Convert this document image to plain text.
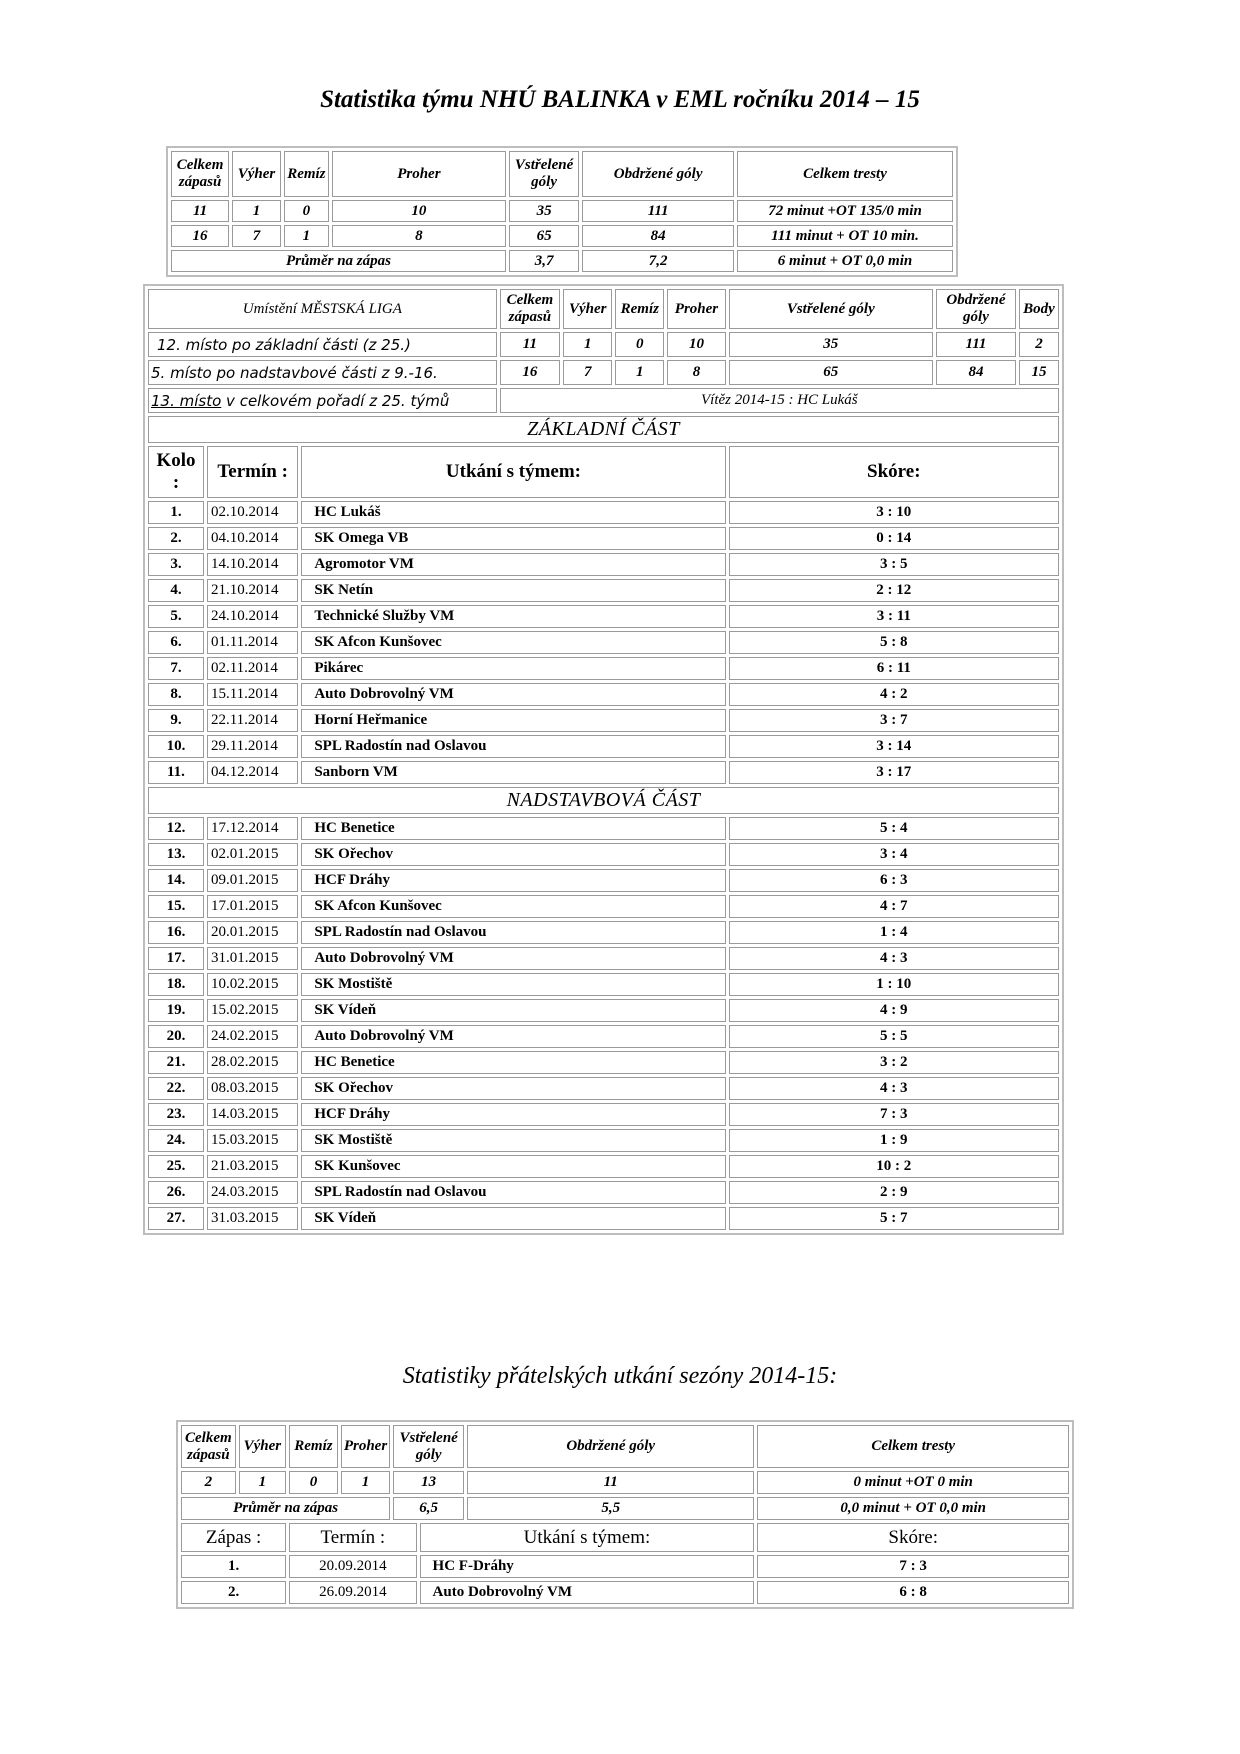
Statistika týmu NHÚ BALINKA v EML ročníku 2014 – 15
Celkem zápasů	Výher	Remíz	Proher	Vstřelené góly	Obdržené góly	Celkem tresty
11	1	0	10	35	111	72 minut +OT 135/0 min
16	7	1	8	65	84	111 minut + OT 10 min.
Průměr na zápas				3,7	7,2	6 minut + OT 0,0 min
Umístění MĚSTSKÁ LIGA			Celkem zápasů	Výher	Remíz	Proher	Vstřelené góly	Obdržené góly	Body
12. místo po základní části (z 25.)			11	1	0	10	35	111	2
5. místo po nadstavbové části z 9.-16.			16	7	1	8	65	84	15
13. místo v celkovém pořadí z 25. týmů			Vítěz 2014-15 : HC Lukáš						
ZÁKLADNÍ ČÁST									
Kolo :	Termín :	Utkání s týmem:					Skóre:		
1.	02.10.2014	HC Lukáš					3 : 10		
2.	04.10.2014	SK Omega VB					0 : 14		
3.	14.10.2014	Agromotor VM					3 : 5		
4.	21.10.2014	SK Netín					2 : 12		
5.	24.10.2014	Technické Služby VM					3 : 11		
6.	01.11.2014	SK Afcon Kunšovec					5 : 8		
7.	02.11.2014	Pikárec					6 : 11		
8.	15.11.2014	Auto Dobrovolný VM					4 : 2		
9.	22.11.2014	Horní Heřmanice					3 : 7		
10.	29.11.2014	SPL Radostín nad Oslavou					3 : 14		
11.	04.12.2014	Sanborn VM					3 : 17		
NADSTAVBOVÁ ČÁST									
12.	17.12.2014	HC Benetice					5 : 4		
13.	02.01.2015	SK Ořechov					3 : 4		
14.	09.01.2015	HCF Dráhy					6 : 3		
15.	17.01.2015	SK Afcon Kunšovec					4 : 7		
16.	20.01.2015	SPL Radostín nad Oslavou					1 : 4		
17.	31.01.2015	Auto Dobrovolný VM					4 : 3		
18.	10.02.2015	SK Mostiště					1 : 10		
19.	15.02.2015	SK Vídeň					4 : 9		
20.	24.02.2015	Auto Dobrovolný VM					5 : 5		
21.	28.02.2015	HC Benetice					3 : 2		
22.	08.03.2015	SK Ořechov					4 : 3		
23.	14.03.2015	HCF Dráhy					7 : 3		
24.	15.03.2015	SK Mostiště					1 : 9		
25.	21.03.2015	SK Kunšovec					10 : 2		
26.	24.03.2015	SPL Radostín nad Oslavou					2 : 9		
27.	31.03.2015	SK Vídeň					5 : 7		
Statistiky přátelských utkání sezóny 2014-15:
Celkem zápasů	Výher	Remíz	Proher	Vstřelené góly		Obdržené góly	Celkem tresty
2	1	0	1	13		11	0 minut +OT 0 min
Průměr na zápas				6,5		5,5	0,0 minut + OT 0,0 min
Zápas :		Termín :			Utkání s týmem:		Skóre:
1.		20.09.2014			HC F-Dráhy		7 : 3
2.		26.09.2014			Auto Dobrovolný VM		6 : 8
